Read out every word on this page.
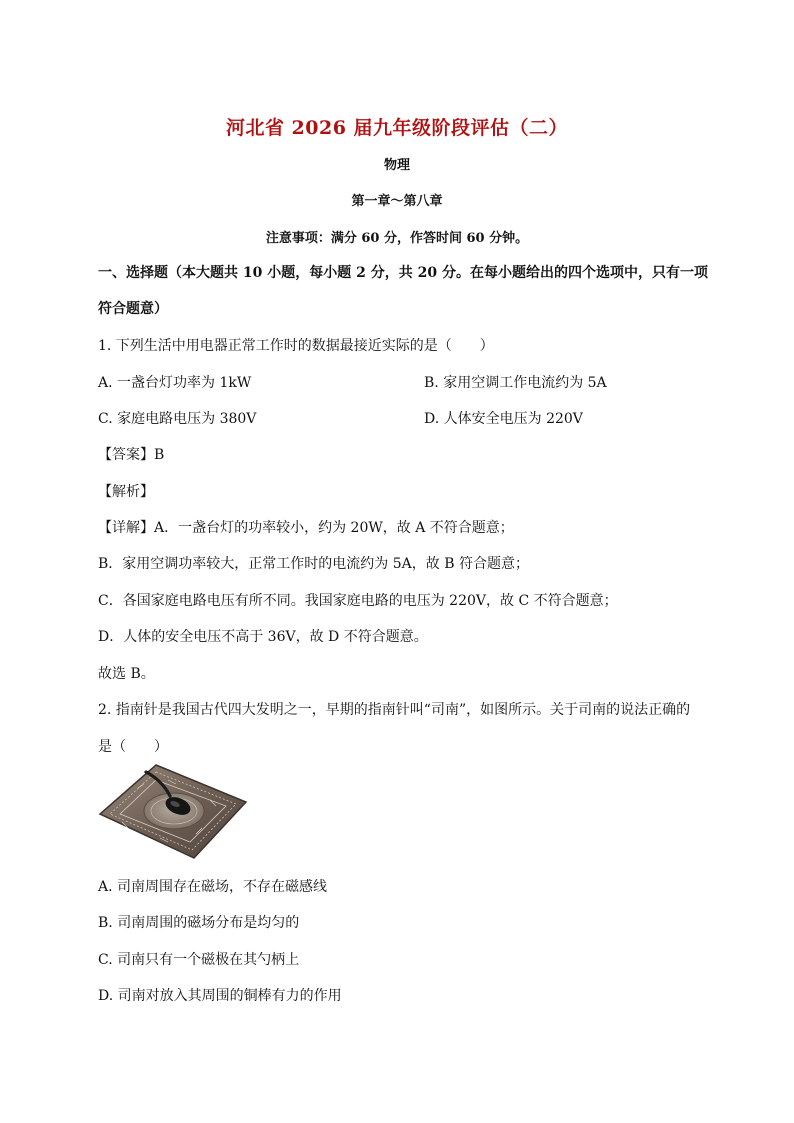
河北省 2026 届九年级阶段评估（二）
物理
第一章～第八章
注意事项：满分 60 分，作答时间 60 分钟。
一、选择题（本大题共 10 小题，每小题 2 分，共 20 分。在每小题给出的四个选项中，只有一项
符合题意）
1. 下列生活中用电器正常工作时的数据最接近实际的是（　　）
A. 一盏台灯功率为 1kW	B. 家用空调工作电流约为 5A
C. 家庭电路电压为 380V	D. 人体安全电压为 220V
【答案】B
【解析】
【详解】A．一盏台灯的功率较小，约为 20W，故 A 不符合题意；
B．家用空调功率较大，正常工作时的电流约为 5A，故 B 符合题意；
C．各国家庭电路电压有所不同。我国家庭电路的电压为 220V，故 C 不符合题意；
D．人体的安全电压不高于 36V，故 D 不符合题意。
故选 B。
2. 指南针是我国古代四大发明之一，早期的指南针叫“司南”，如图所示。关于司南的说法正确的
是（　　）
A. 司南周围存在磁场，不存在磁感线
B. 司南周围的磁场分布是均匀的
C. 司南只有一个磁极在其勺柄上
D. 司南对放入其周围的铜棒有力的作用
